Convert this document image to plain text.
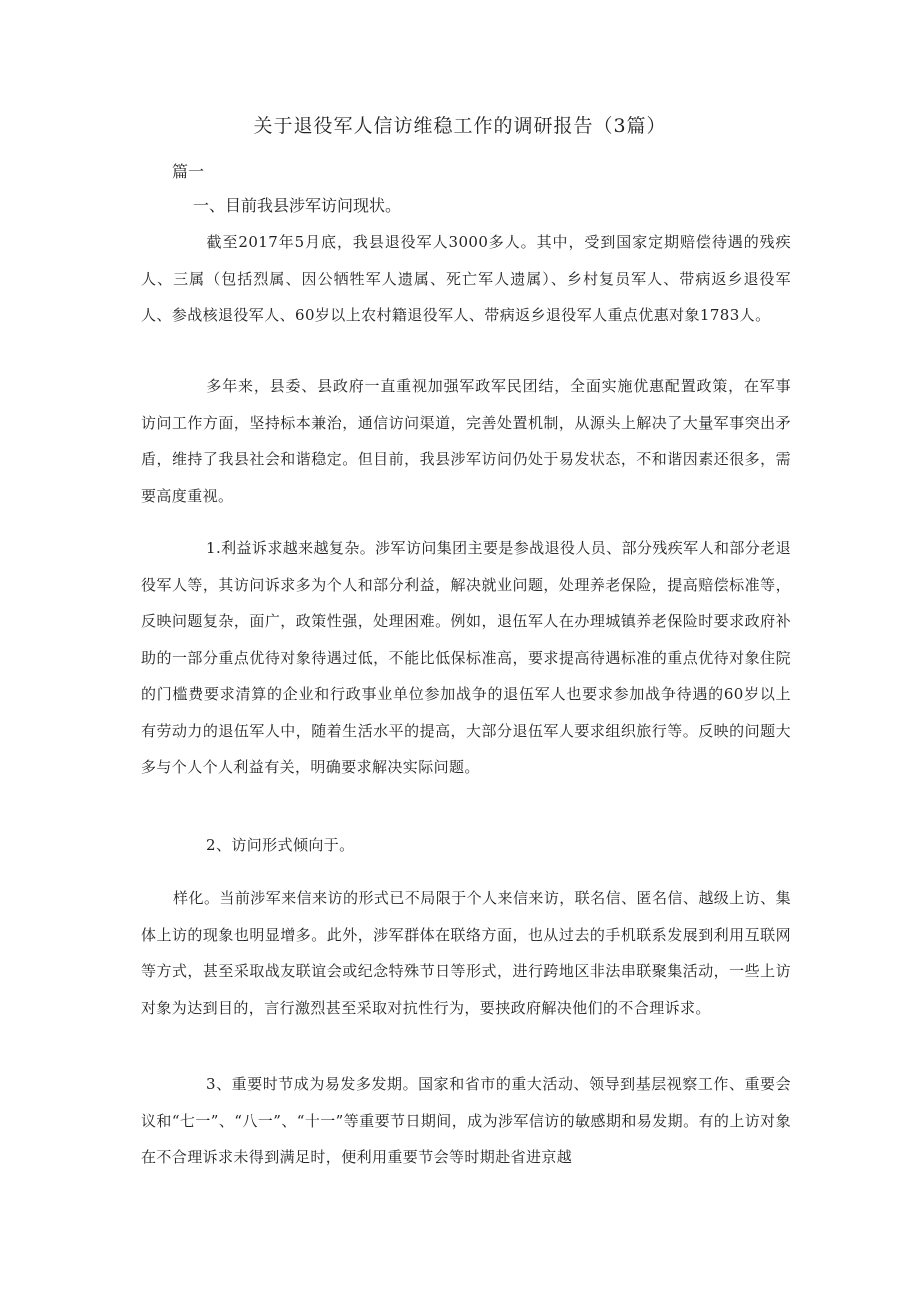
关于退役军人信访维稳工作的调研报告（3篇）

篇一

一、目前我县涉军访问现状。

截至2017年5月底，我县退役军人3000多人。其中，受到国家定期赔偿待遇的残疾人、三属（包括烈属、因公牺牲军人遗属、死亡军人遗属）、乡村复员军人、带病返乡退役军人、参战核退役军人、60岁以上农村籍退役军人、带病返乡退役军人重点优惠对象1783人。

多年来，县委、县政府一直重视加强军政军民团结，全面实施优惠配置政策，在军事访问工作方面，坚持标本兼治，通信访问渠道，完善处置机制，从源头上解决了大量军事突出矛盾，维持了我县社会和谐稳定。但目前，我县涉军访问仍处于易发状态，不和谐因素还很多，需要高度重视。

1.利益诉求越来越复杂。涉军访问集团主要是参战退役人员、部分残疾军人和部分老退役军人等，其访问诉求多为个人和部分利益，解决就业问题，处理养老保险，提高赔偿标准等，反映问题复杂，面广，政策性强，处理困难。例如，退伍军人在办理城镇养老保险时要求政府补助的一部分重点优待对象待遇过低，不能比低保标准高，要求提高待遇标准的重点优待对象住院的门槛费要求清算的企业和行政事业单位参加战争的退伍军人也要求参加战争待遇的60岁以上有劳动力的退伍军人中，随着生活水平的提高，大部分退伍军人要求组织旅行等。反映的问题大多与个人个人利益有关，明确要求解决实际问题。

2、访问形式倾向于。

样化。当前涉军来信来访的形式已不局限于个人来信来访，联名信、匿名信、越级上访、集体上访的现象也明显增多。此外，涉军群体在联络方面，也从过去的手机联系发展到利用互联网等方式，甚至采取战友联谊会或纪念特殊节日等形式，进行跨地区非法串联聚集活动，一些上访对象为达到目的，言行激烈甚至采取对抗性行为，要挟政府解决他们的不合理诉求。

3、重要时节成为易发多发期。国家和省市的重大活动、领导到基层视察工作、重要会议和“七一”、“八一”、“十一”等重要节日期间，成为涉军信访的敏感期和易发期。有的上访对象在不合理诉求未得到满足时，便利用重要节会等时期赴省进京越
